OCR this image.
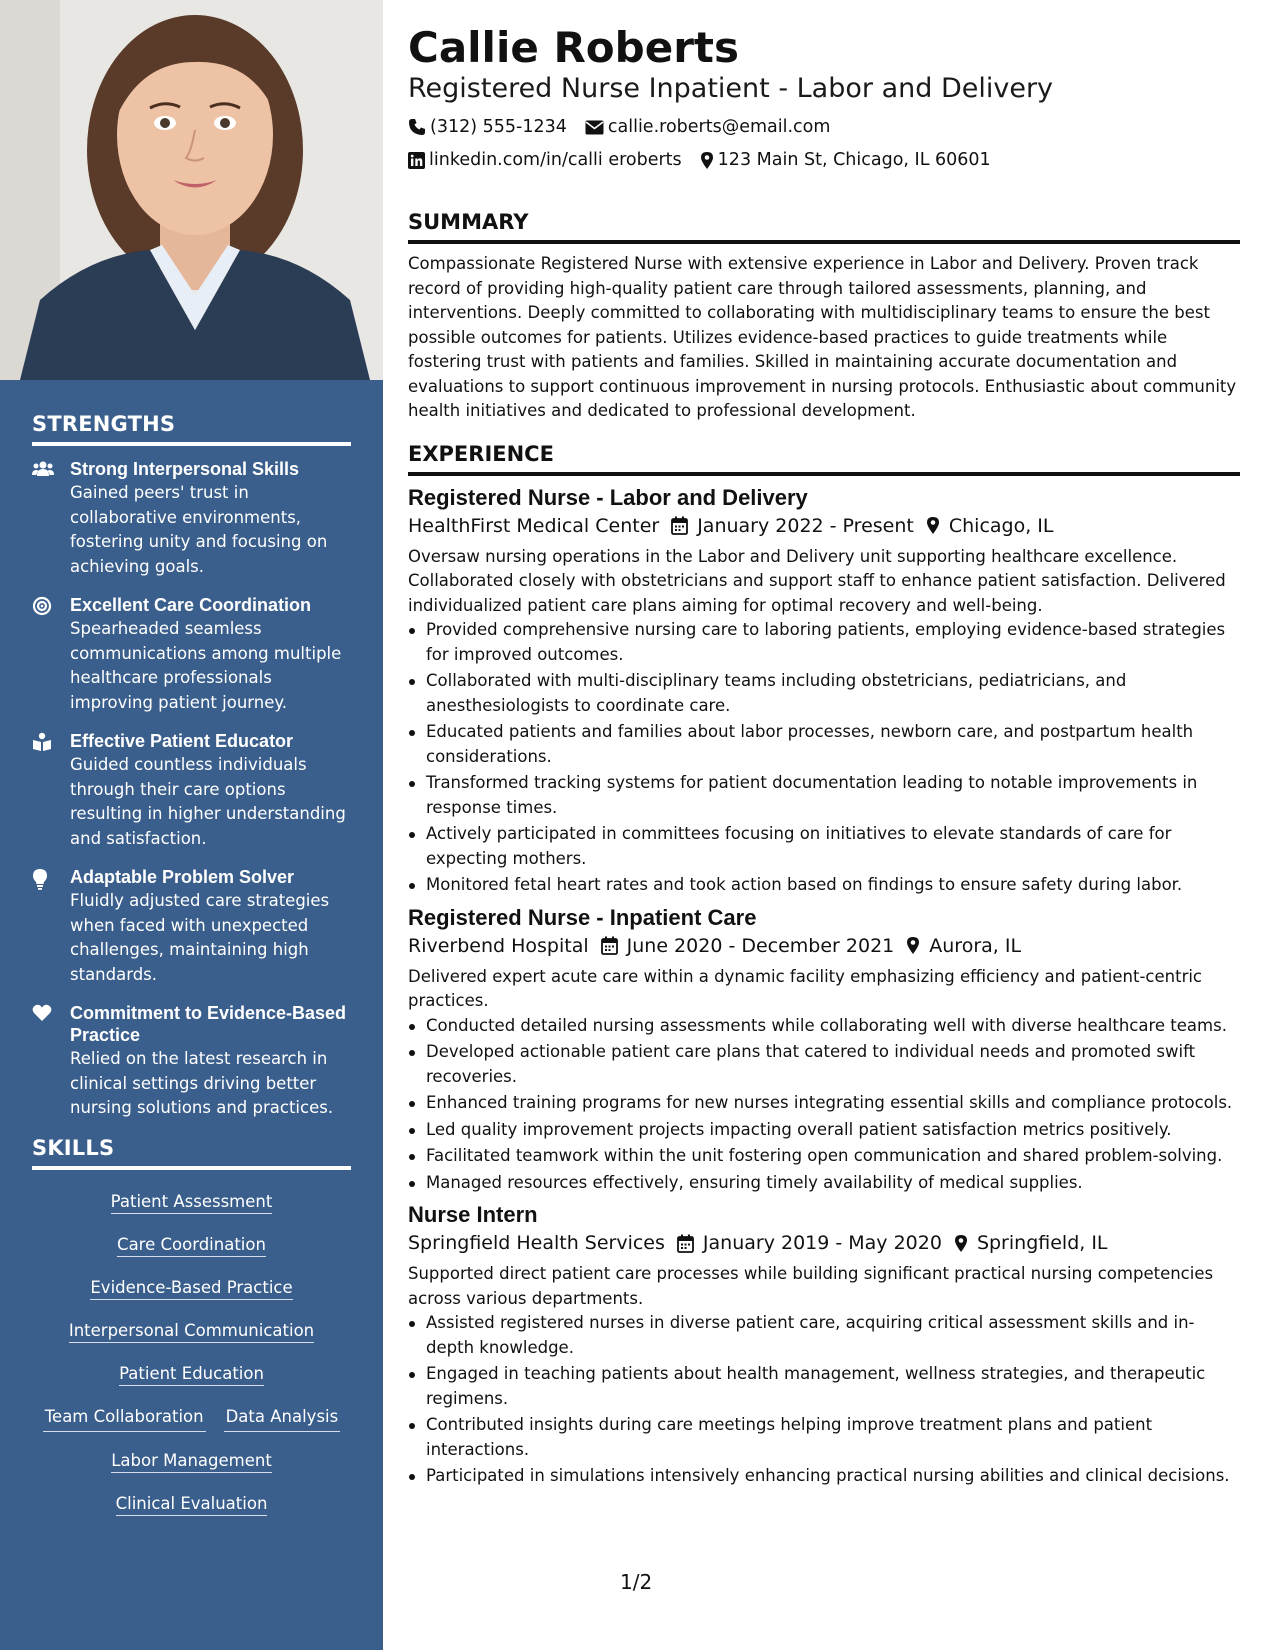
STRENGTHS
Strong Interpersonal Skills
Gained peers' trust in collaborative environments, fostering unity and focusing on achieving goals.
Excellent Care Coordination
Spearheaded seamless communications among multiple healthcare professionals improving patient journey.
Effective Patient Educator
Guided countless individuals through their care options resulting in higher understanding and satisfaction.
Adaptable Problem Solver
Fluidly adjusted care strategies when faced with unexpected challenges, maintaining high standards.
Commitment to Evidence-Based Practice
Relied on the latest research in clinical settings driving better nursing solutions and practices.
SKILLS
Patient Assessment
Care Coordination
Evidence-Based Practice
Interpersonal Communication
Patient Education
Team Collaboration Data Analysis
Labor Management
Clinical Evaluation
Callie Roberts
Registered Nurse Inpatient - Labor and Delivery
(312) 555-1234 callie.roberts@email.com
linkedin.com/in/calli eroberts 123 Main St, Chicago, IL 60601
SUMMARY
Compassionate Registered Nurse with extensive experience in Labor and Delivery. Proven track record of providing high-quality patient care through tailored assessments, planning, and interventions. Deeply committed to collaborating with multidisciplinary teams to ensure the best possible outcomes for patients. Utilizes evidence-based practices to guide treatments while fostering trust with patients and families. Skilled in maintaining accurate documentation and evaluations to support continuous improvement in nursing protocols. Enthusiastic about community health initiatives and dedicated to professional development.
EXPERIENCE
Registered Nurse - Labor and Delivery
HealthFirst Medical Center January 2022 - Present Chicago, IL
Oversaw nursing operations in the Labor and Delivery unit supporting healthcare excellence. Collaborated closely with obstetricians and support staff to enhance patient satisfaction. Delivered individualized patient care plans aiming for optimal recovery and well-being.
Provided comprehensive nursing care to laboring patients, employing evidence-based strategies for improved outcomes.
Collaborated with multi-disciplinary teams including obstetricians, pediatricians, and anesthesiologists to coordinate care.
Educated patients and families about labor processes, newborn care, and postpartum health considerations.
Transformed tracking systems for patient documentation leading to notable improvements in response times.
Actively participated in committees focusing on initiatives to elevate standards of care for expecting mothers.
Monitored fetal heart rates and took action based on findings to ensure safety during labor.
Registered Nurse - Inpatient Care
Riverbend Hospital June 2020 - December 2021 Aurora, IL
Delivered expert acute care within a dynamic facility emphasizing efficiency and patient-centric practices.
Conducted detailed nursing assessments while collaborating well with diverse healthcare teams.
Developed actionable patient care plans that catered to individual needs and promoted swift recoveries.
Enhanced training programs for new nurses integrating essential skills and compliance protocols.
Led quality improvement projects impacting overall patient satisfaction metrics positively.
Facilitated teamwork within the unit fostering open communication and shared problem-solving.
Managed resources effectively, ensuring timely availability of medical supplies.
Nurse Intern
Springfield Health Services January 2019 - May 2020 Springfield, IL
Supported direct patient care processes while building significant practical nursing competencies across various departments.
Assisted registered nurses in diverse patient care, acquiring critical assessment skills and in-depth knowledge.
Engaged in teaching patients about health management, wellness strategies, and therapeutic regimens.
Contributed insights during care meetings helping improve treatment plans and patient interactions.
Participated in simulations intensively enhancing practical nursing abilities and clinical decisions.
1/2
